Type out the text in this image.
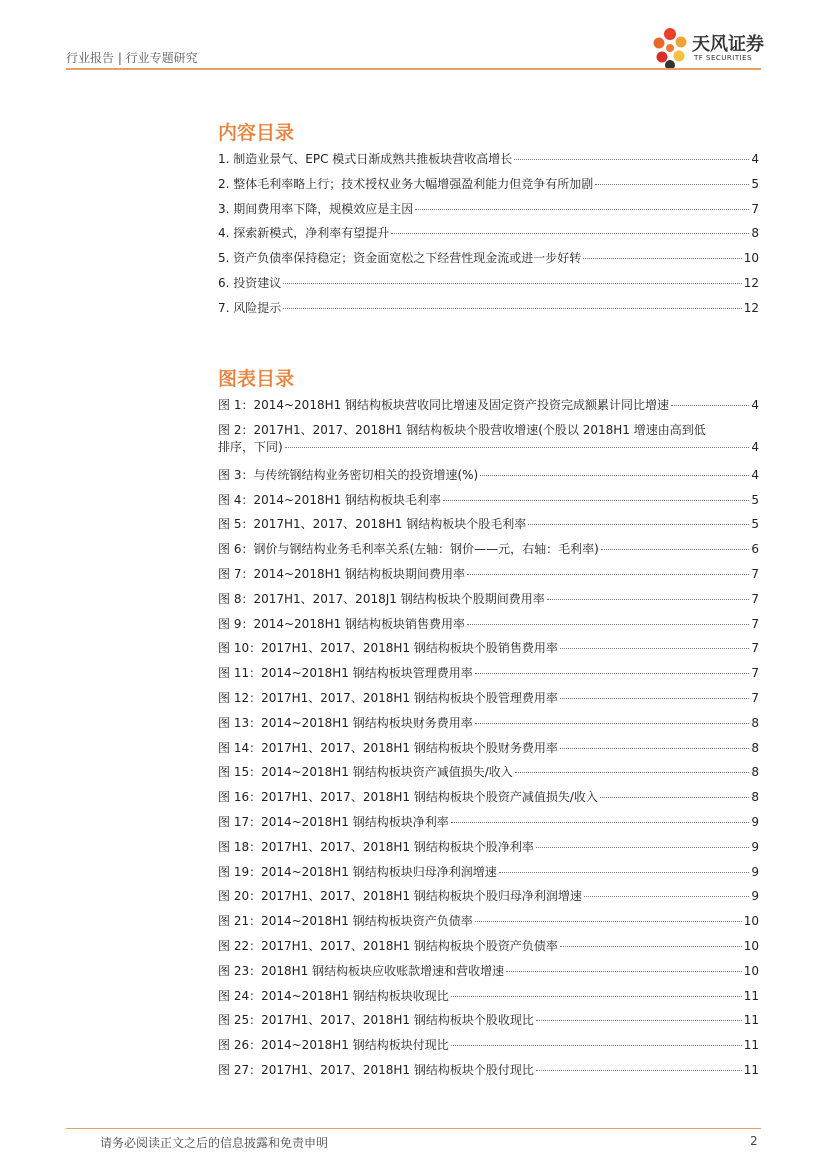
行业报告 | 行业专题研究
天风证券
TF SECURITIES
内容目录
1. 制造业景气、EPC 模式日渐成熟共推板块营收高增长	4
2. 整体毛利率略上行；技术授权业务大幅增强盈利能力但竞争有所加剧	5
3. 期间费用率下降，规模效应是主因	7
4. 探索新模式，净利率有望提升	8
5. 资产负债率保持稳定；资金面宽松之下经营性现金流或进一步好转	10
6. 投资建议	12
7. 风险提示	12
图表目录
图 1：2014~2018H1 钢结构板块营收同比增速及固定资产投资完成额累计同比增速	4
图 2：2017H1、2017、2018H1 钢结构板块个股营收增速(个股以 2018H1 增速由高到低
排序，下同)	4
图 3：与传统钢结构业务密切相关的投资增速(%)	4
图 4：2014~2018H1 钢结构板块毛利率	5
图 5：2017H1、2017、2018H1 钢结构板块个股毛利率	5
图 6：钢价与钢结构业务毛利率关系(左轴：钢价——元，右轴：毛利率)	6
图 7：2014~2018H1 钢结构板块期间费用率	7
图 8：2017H1、2017、2018J1 钢结构板块个股期间费用率	7
图 9：2014~2018H1 钢结构板块销售费用率	7
图 10：2017H1、2017、2018H1 钢结构板块个股销售费用率	7
图 11：2014~2018H1 钢结构板块管理费用率	7
图 12：2017H1、2017、2018H1 钢结构板块个股管理费用率	7
图 13：2014~2018H1 钢结构板块财务费用率	8
图 14：2017H1、2017、2018H1 钢结构板块个股财务费用率	8
图 15：2014~2018H1 钢结构板块资产减值损失/收入	8
图 16：2017H1、2017、2018H1 钢结构板块个股资产减值损失/收入	8
图 17：2014~2018H1 钢结构板块净利率	9
图 18：2017H1、2017、2018H1 钢结构板块个股净利率	9
图 19：2014~2018H1 钢结构板块归母净利润增速	9
图 20：2017H1、2017、2018H1 钢结构板块个股归母净利润增速	9
图 21：2014~2018H1 钢结构板块资产负债率	10
图 22：2017H1、2017、2018H1 钢结构板块个股资产负债率	10
图 23：2018H1 钢结构板块应收账款增速和营收增速	10
图 24：2014~2018H1 钢结构板块收现比	11
图 25：2017H1、2017、2018H1 钢结构板块个股收现比	11
图 26：2014~2018H1 钢结构板块付现比	11
图 27：2017H1、2017、2018H1 钢结构板块个股付现比	11
请务必阅读正文之后的信息披露和免责申明	2
